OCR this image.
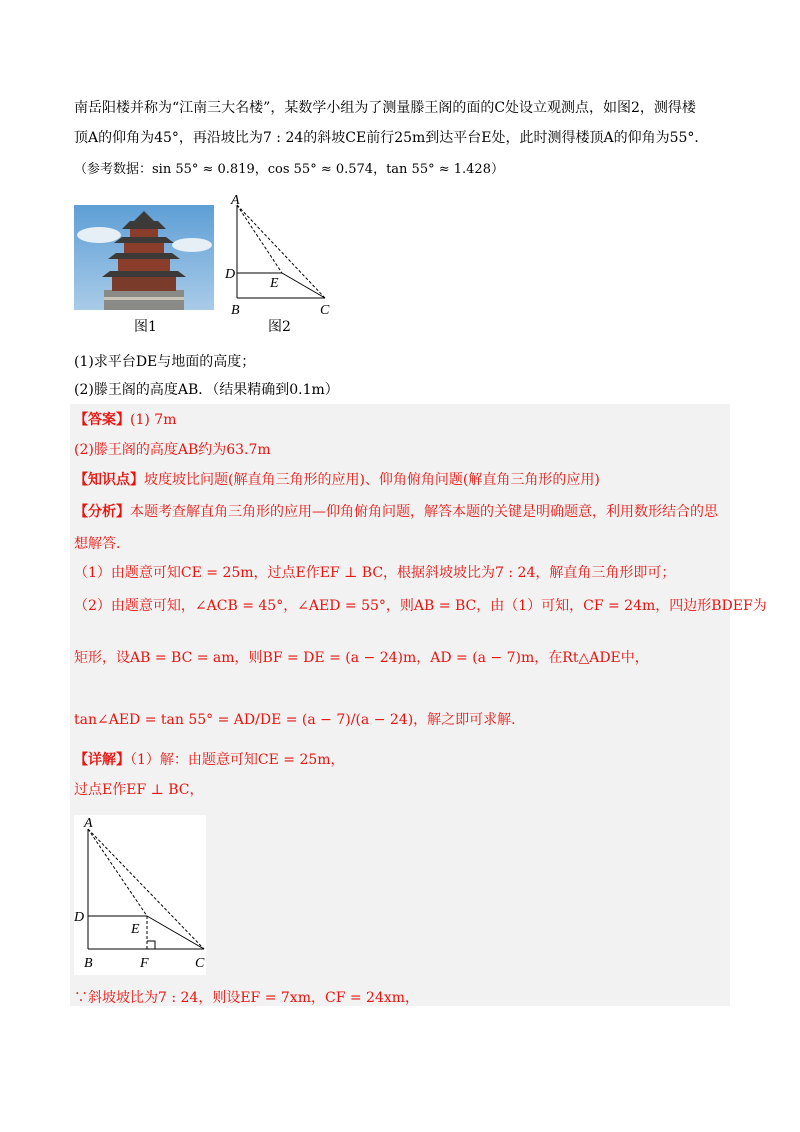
南岳阳楼并称为“江南三大名楼”，某数学小组为了测量滕王阁的面的C处设立观测点，如图2，测得楼
顶A的仰角为45°，再沿坡比为7 : 24的斜坡CE前行25m到达平台E处，此时测得楼顶A的仰角为55°．
（参考数据：sin 55° ≈ 0.819，cos 55° ≈ 0.574，tan 55° ≈ 1.428）
图1
A
D
E
B	C
图2
(1)求平台DE与地面的高度；
(2)滕王阁的高度AB．（结果精确到0.1m）
【答案】(1) 7m
(2)滕王阁的高度AB约为63.7m
【知识点】坡度坡比问题(解直角三角形的应用)、仰角俯角问题(解直角三角形的应用)
【分析】本题考查解直角三角形的应用—仰角俯角问题，解答本题的关键是明确题意，利用数形结合的思
想解答.
（1）由题意可知CE = 25m，过点E作EF ⊥ BC，根据斜坡坡比为7 : 24，解直角三角形即可；
（2）由题意可知，∠ACB = 45°，∠AED = 55°，则AB = BC，由（1）可知，CF = 24m，四边形BDEF为
矩形，设AB = BC = am，则BF = DE = (a − 24)m，AD = (a − 7)m，在Rt△ADE中，
tan∠AED = tan 55° = AD/DE = (a − 7)/(a − 24)，解之即可求解.
【详解】（1）解：由题意可知CE = 25m，
过点E作EF ⊥ BC，
A
D
E
B	F	C
∵斜坡坡比为7 : 24，则设EF = 7xm，CF = 24xm，
